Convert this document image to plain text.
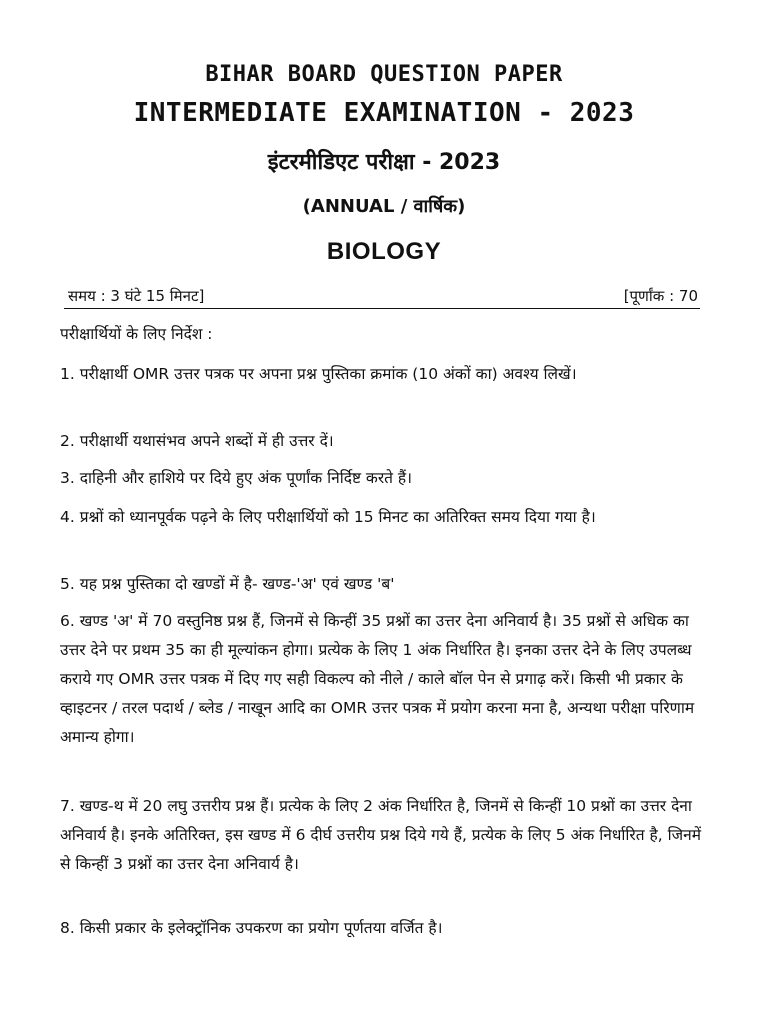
BIHAR BOARD QUESTION PAPER
INTERMEDIATE EXAMINATION - 2023
इंटरमीडिएट परीक्षा - 2023
(ANNUAL / वार्षिक)
BIOLOGY
समय : 3 घंटे 15 मिनट]	[पूर्णांक : 70
परीक्षार्थियों के लिए निर्देश :
1. परीक्षार्थी OMR उत्तर पत्रक पर अपना प्रश्न पुस्तिका क्रमांक (10 अंकों का) अवश्य लिखें।
2. परीक्षार्थी यथासंभव अपने शब्दों में ही उत्तर दें।
3. दाहिनी और हाशिये पर दिये हुए अंक पूर्णांक निर्दिष्ट करते हैं।
4. प्रश्नों को ध्यानपूर्वक पढ़ने के लिए परीक्षार्थियों को 15 मिनट का अतिरिक्त समय दिया गया है।
5. यह प्रश्न पुस्तिका दो खण्डों में है- खण्ड-'अ' एवं खण्ड 'ब'
6. खण्ड 'अ' में 70 वस्तुनिष्ठ प्रश्न हैं, जिनमें से किन्हीं 35 प्रश्नों का उत्तर देना अनिवार्य है। 35 प्रश्नों से अधिक का उत्तर देने पर प्रथम 35 का ही मूल्यांकन होगा। प्रत्येक के लिए 1 अंक निर्धारित है। इनका उत्तर देने के लिए उपलब्ध कराये गए OMR उत्तर पत्रक में दिए गए सही विकल्प को नीले / काले बॉल पेन से प्रगाढ़ करें। किसी भी प्रकार के व्हाइटनर / तरल पदार्थ / ब्लेड / नाखून आदि का OMR उत्तर पत्रक में प्रयोग करना मना है, अन्यथा परीक्षा परिणाम अमान्य होगा।
7. खण्ड-थ में 20 लघु उत्तरीय प्रश्न हैं। प्रत्येक के लिए 2 अंक निर्धारित है, जिनमें से किन्हीं 10 प्रश्नों का उत्तर देना अनिवार्य है। इनके अतिरिक्त, इस खण्ड में 6 दीर्घ उत्तरीय प्रश्न दिये गये हैं, प्रत्येक के लिए 5 अंक निर्धारित है, जिनमें से किन्हीं 3 प्रश्नों का उत्तर देना अनिवार्य है।
8. किसी प्रकार के इलेक्ट्रॉनिक उपकरण का प्रयोग पूर्णतया वर्जित है।
